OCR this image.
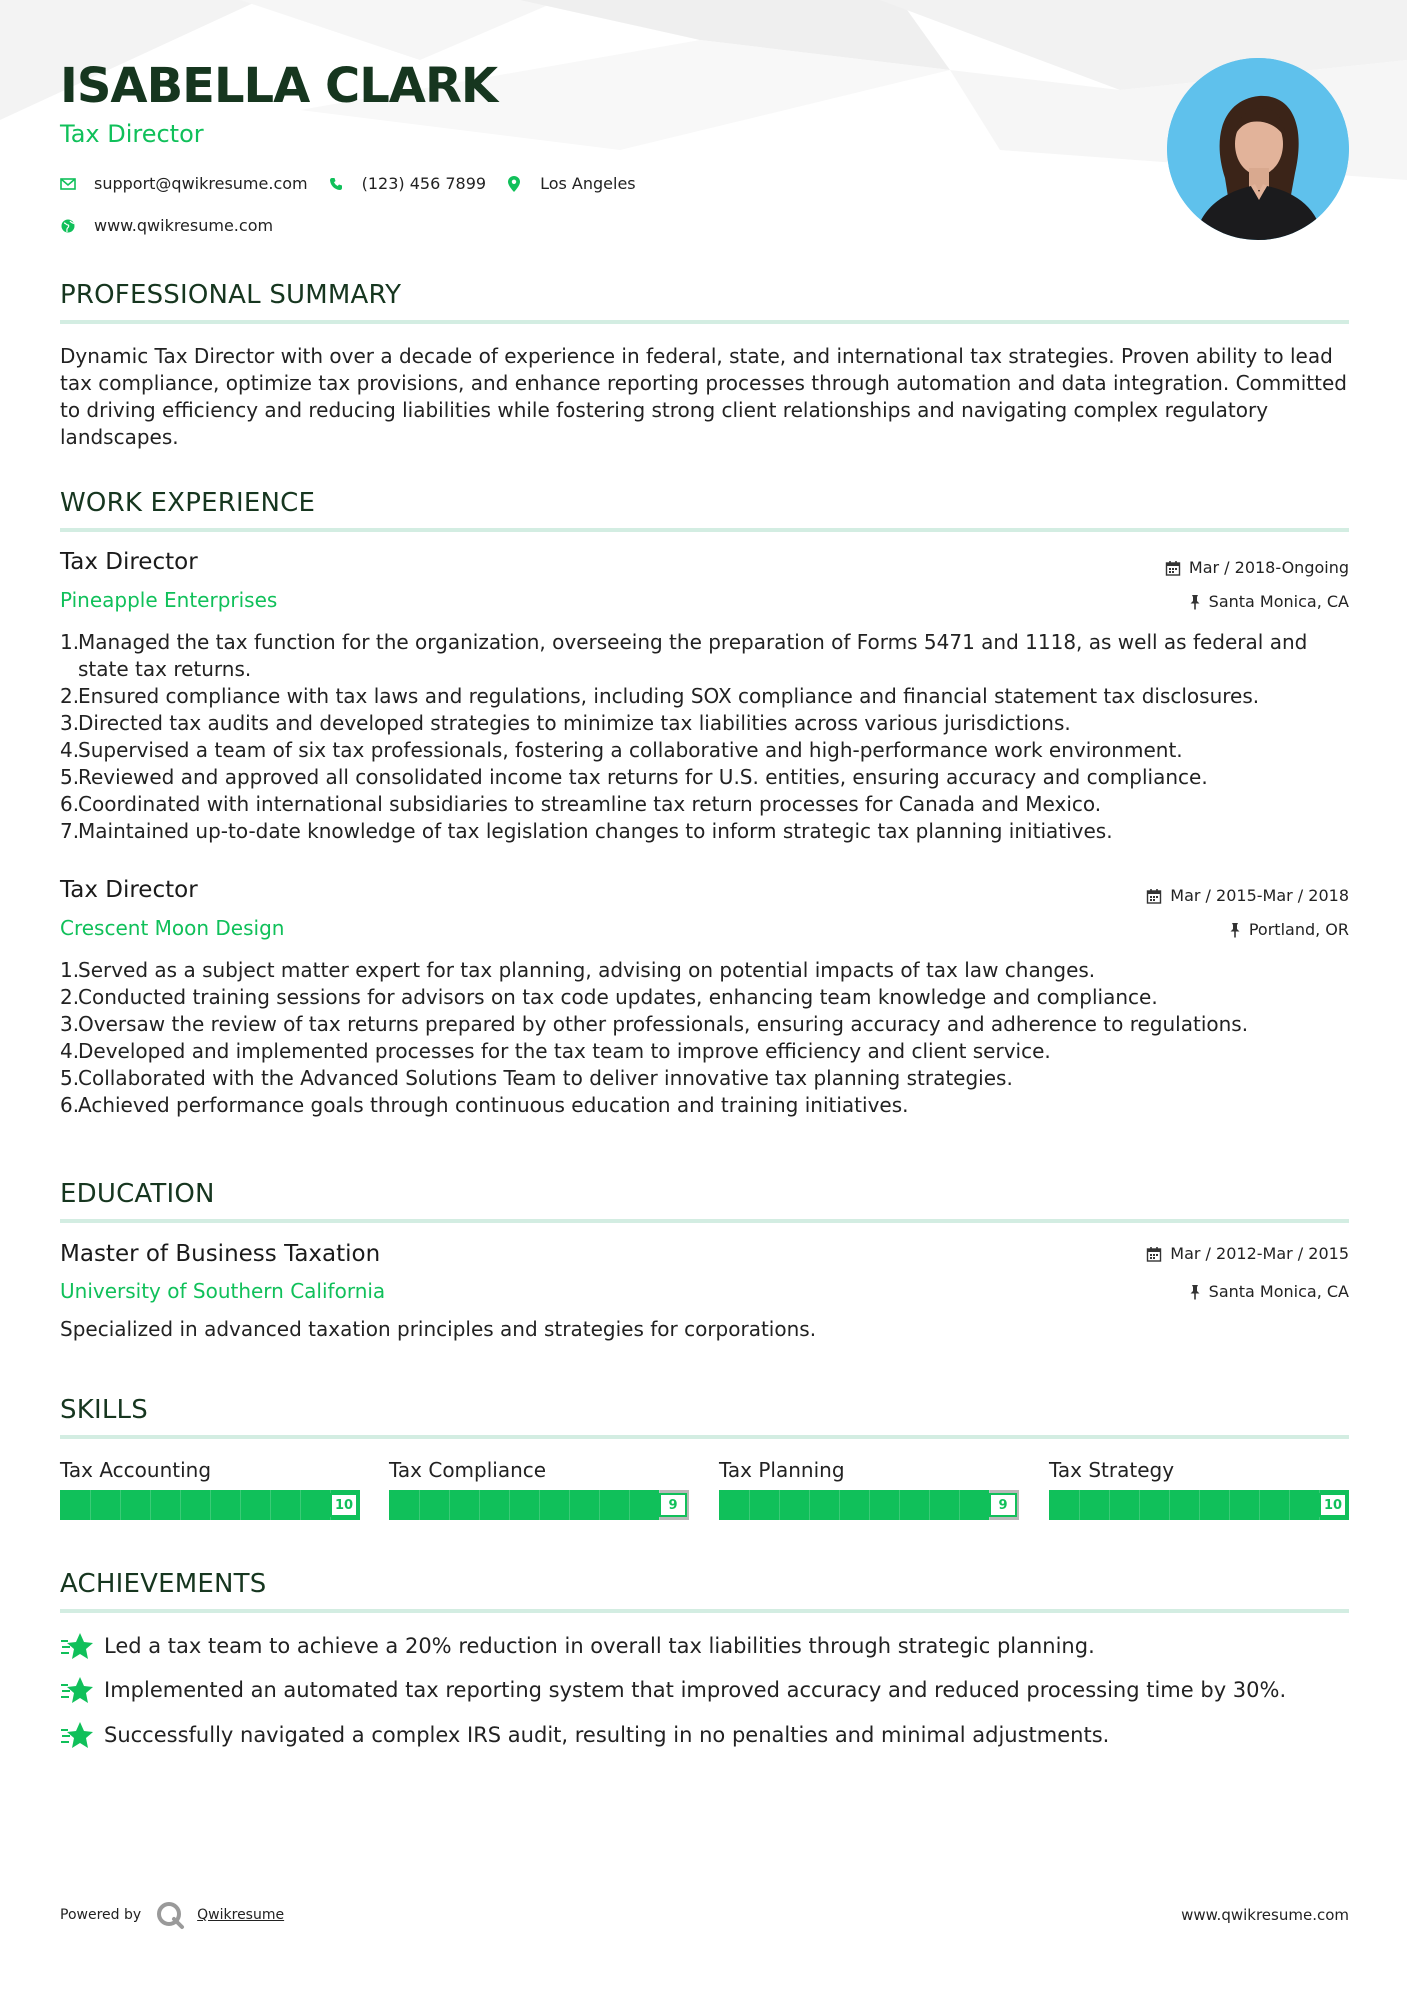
ISABELLA CLARK
Tax Director
support@qwikresume.com	(123) 456 7899	Los Angeles
www.qwikresume.com
PROFESSIONAL SUMMARY
Dynamic Tax Director with over a decade of experience in federal, state, and international tax strategies. Proven ability to lead tax compliance, optimize tax provisions, and enhance reporting processes through automation and data integration. Committed to driving efficiency and reducing liabilities while fostering strong client relationships and navigating complex regulatory landscapes.
WORK EXPERIENCE
Tax Director	Mar / 2018-Ongoing
Pineapple Enterprises	Santa Monica, CA
1.
Managed the tax function for the organization, overseeing the preparation of Forms 5471 and 1118, as well as federal and state tax returns.
2.
Ensured compliance with tax laws and regulations, including SOX compliance and financial statement tax disclosures.
3.
Directed tax audits and developed strategies to minimize tax liabilities across various jurisdictions.
4.
Supervised a team of six tax professionals, fostering a collaborative and high-performance work environment.
5.
Reviewed and approved all consolidated income tax returns for U.S. entities, ensuring accuracy and compliance.
6.
Coordinated with international subsidiaries to streamline tax return processes for Canada and Mexico.
7.
Maintained up-to-date knowledge of tax legislation changes to inform strategic tax planning initiatives.
Tax Director	Mar / 2015-Mar / 2018
Crescent Moon Design	Portland, OR
1.
Served as a subject matter expert for tax planning, advising on potential impacts of tax law changes.
2.
Conducted training sessions for advisors on tax code updates, enhancing team knowledge and compliance.
3.
Oversaw the review of tax returns prepared by other professionals, ensuring accuracy and adherence to regulations.
4.
Developed and implemented processes for the tax team to improve efficiency and client service.
5.
Collaborated with the Advanced Solutions Team to deliver innovative tax planning strategies.
6.
Achieved performance goals through continuous education and training initiatives.
EDUCATION
Master of Business Taxation	Mar / 2012-Mar / 2015
University of Southern California	Santa Monica, CA
Specialized in advanced taxation principles and strategies for corporations.
SKILLS
Tax Accounting
10
Tax Compliance
9
Tax Planning
9
Tax Strategy
10
ACHIEVEMENTS
Led a tax team to achieve a 20% reduction in overall tax liabilities through strategic planning.
Implemented an automated tax reporting system that improved accuracy and reduced processing time by 30%.
Successfully navigated a complex IRS audit, resulting in no penalties and minimal adjustments.
Powered by	Qwikresume	www.qwikresume.com
